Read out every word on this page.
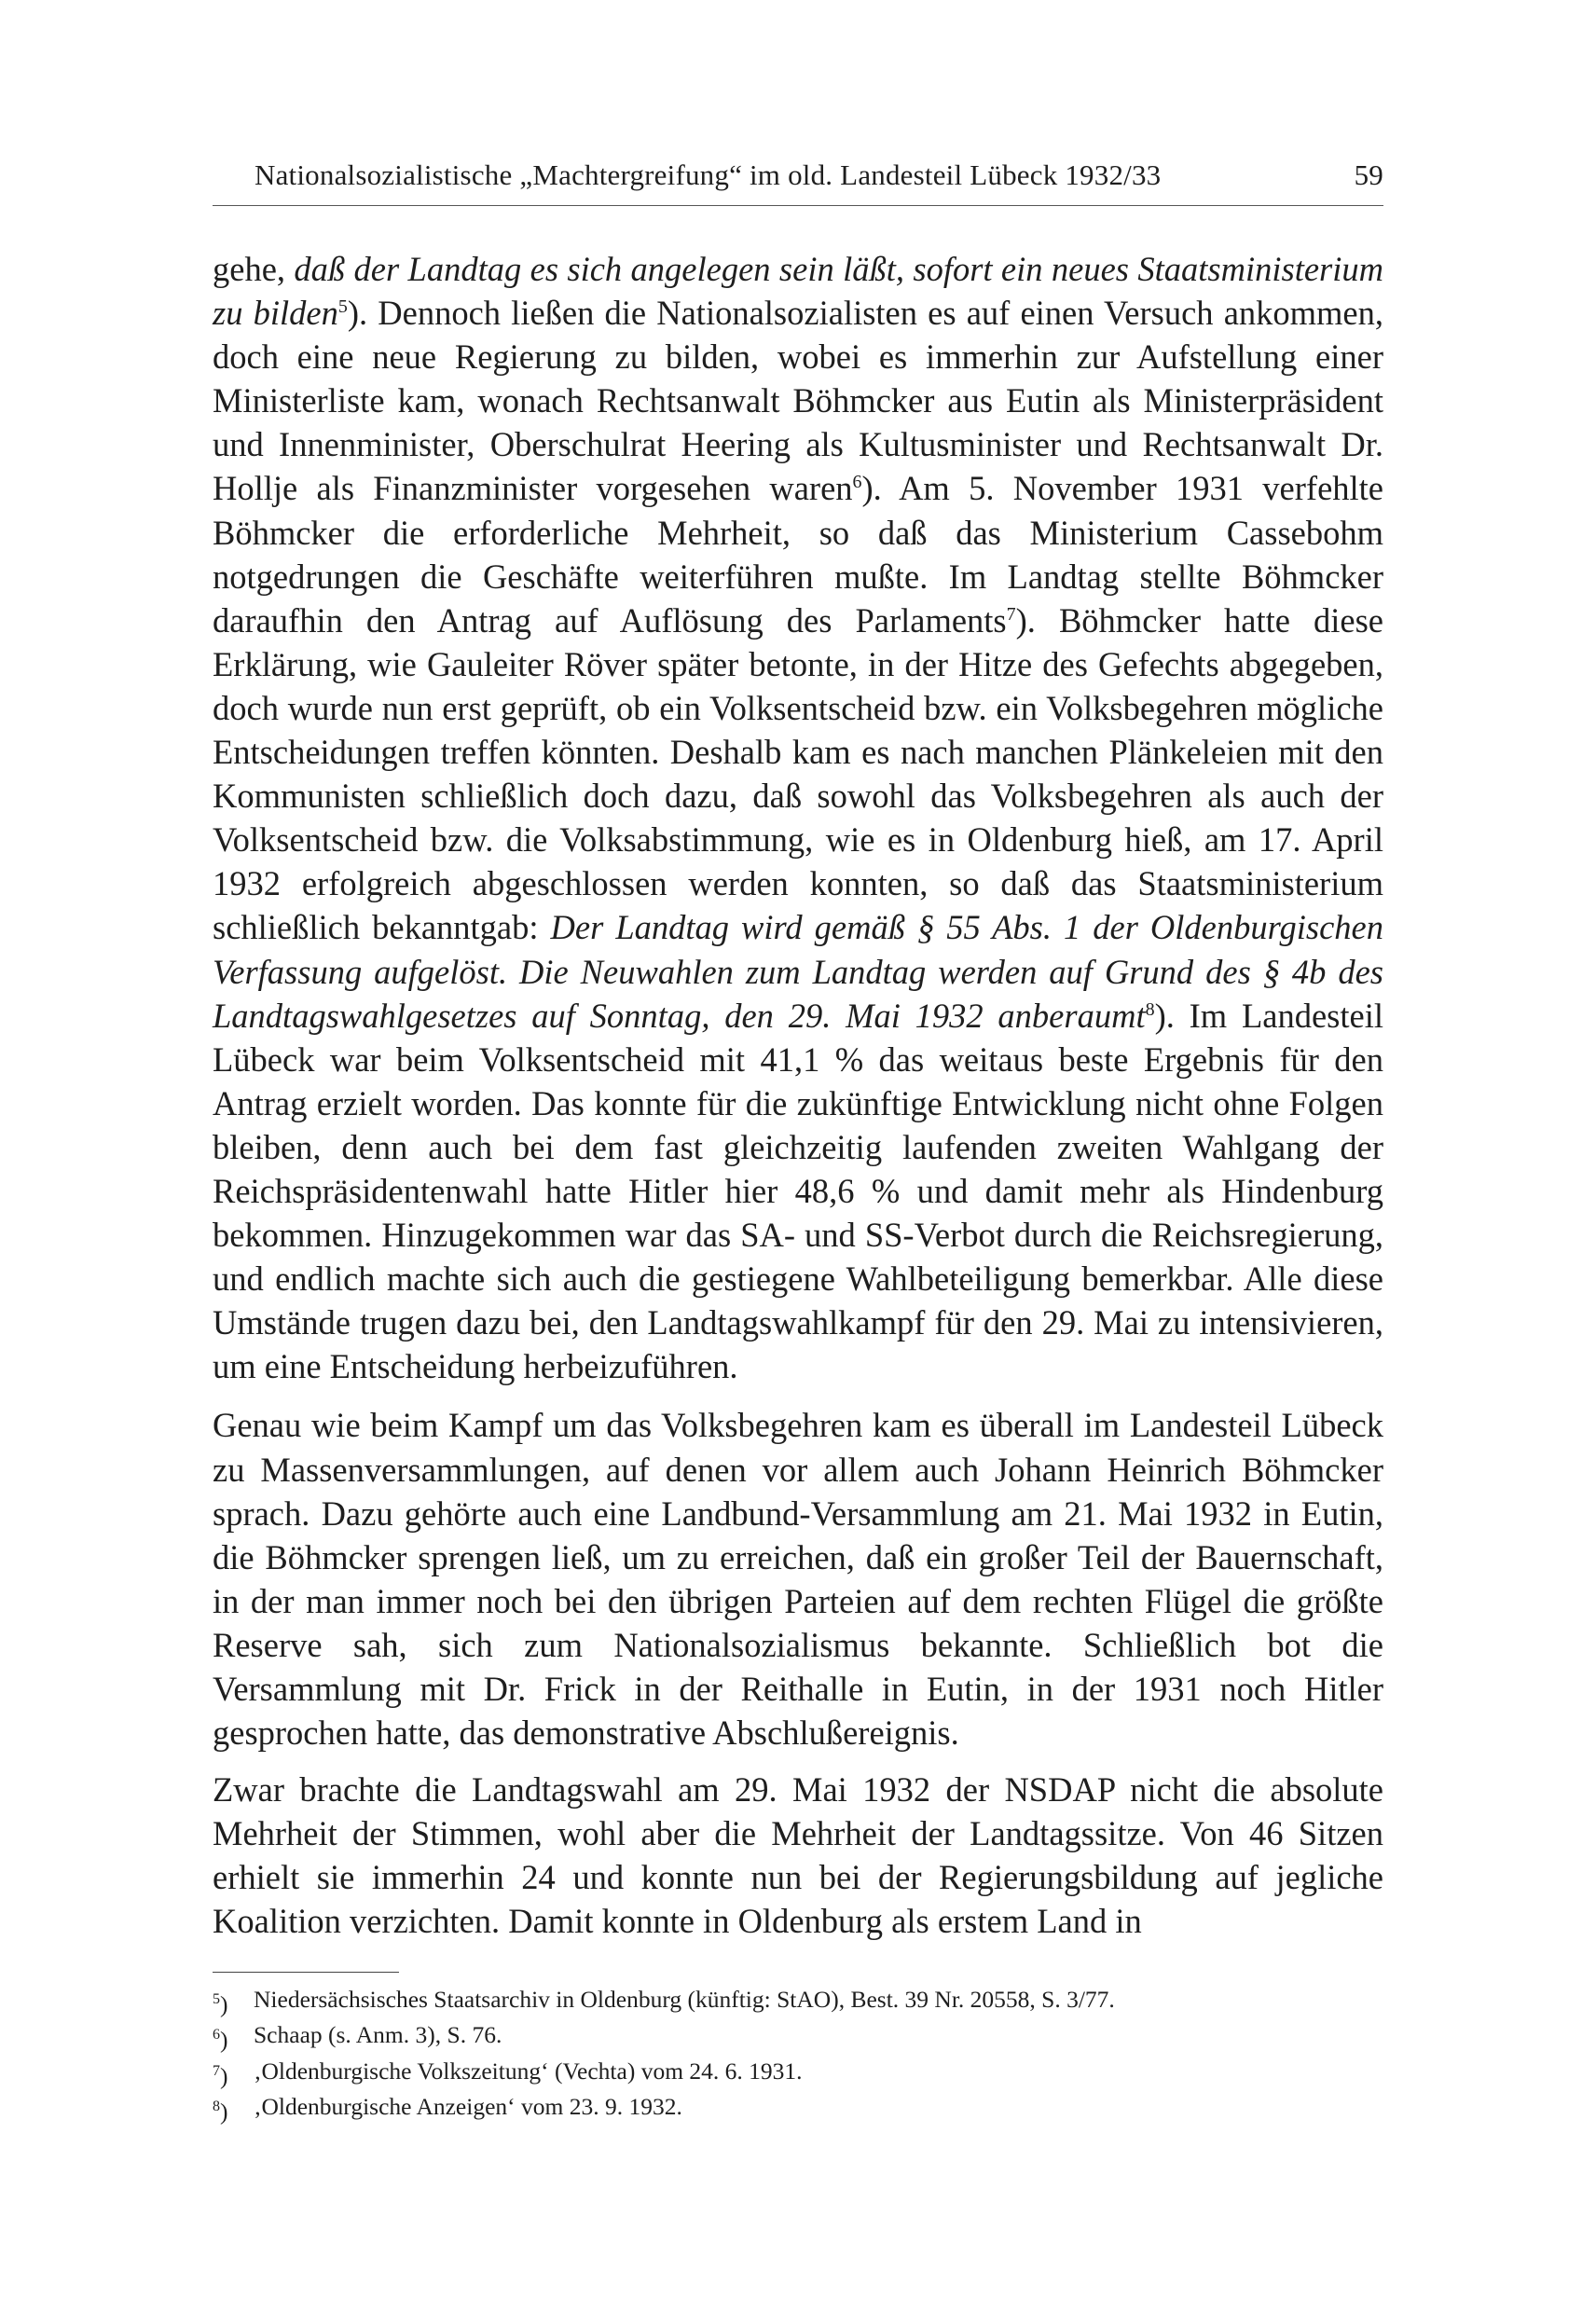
Nationalsozialistische „Machtergreifung“ im old. Landesteil Lübeck 1932/33	59

gehe, daß der Landtag es sich angelegen sein läßt, sofort ein neues Staatsministerium zu bilden$^5$). Dennoch ließen die Nationalsozialisten es auf einen Versuch ankommen, doch eine neue Regierung zu bilden, wobei es immerhin zur Aufstellung einer Ministerliste kam, wonach Rechtsanwalt Böhmcker aus Eutin als Ministerpräsident und Innenminister, Oberschulrat Heering als Kultusminister und Rechtsanwalt Dr. Hollje als Finanzminister vorgesehen waren$^6$). Am 5. November 1931 verfehlte Böhmcker die erforderliche Mehrheit, so daß das Ministerium Cassebohm notgedrungen die Geschäfte weiterführen mußte. Im Landtag stellte Böhmcker daraufhin den Antrag auf Auflösung des Parlaments$^7$). Böhmcker hatte diese Erklärung, wie Gauleiter Röver später betonte, in der Hitze des Gefechts abgegeben, doch wurde nun erst geprüft, ob ein Volksentscheid bzw. ein Volksbegehren mögliche Entscheidungen treffen könnten. Deshalb kam es nach manchen Plänkeleien mit den Kommunisten schließlich doch dazu, daß sowohl das Volksbegehren als auch der Volksentscheid bzw. die Volksabstimmung, wie es in Oldenburg hieß, am 17. April 1932 erfolgreich abgeschlossen werden konnten, so daß das Staatsministerium schließlich bekanntgab: Der Landtag wird gemäß § 55 Abs. 1 der Oldenburgischen Verfassung aufgelöst. Die Neuwahlen zum Landtag werden auf Grund des § 4b des Landtagswahlgesetzes auf Sonntag, den 29. Mai 1932 anberaumt$^8$). Im Landesteil Lübeck war beim Volksentscheid mit 41,1 % das weitaus beste Ergebnis für den Antrag erzielt worden. Das konnte für die zukünftige Entwicklung nicht ohne Folgen bleiben, denn auch bei dem fast gleichzeitig laufenden zweiten Wahlgang der Reichspräsidentenwahl hatte Hitler hier 48,6 % und damit mehr als Hindenburg bekommen. Hinzugekommen war das SA- und SS-Verbot durch die Reichsregierung, und endlich machte sich auch die gestiegene Wahlbeteiligung bemerkbar. Alle diese Umstände trugen dazu bei, den Landtagswahlkampf für den 29. Mai zu intensivieren, um eine Entscheidung herbeizuführen.

Genau wie beim Kampf um das Volksbegehren kam es überall im Landesteil Lübeck zu Massenversammlungen, auf denen vor allem auch Johann Heinrich Böhmcker sprach. Dazu gehörte auch eine Landbund-Versammlung am 21. Mai 1932 in Eutin, die Böhmcker sprengen ließ, um zu erreichen, daß ein großer Teil der Bauernschaft, in der man immer noch bei den übrigen Parteien auf dem rechten Flügel die größte Reserve sah, sich zum Nationalsozialismus bekannte. Schließlich bot die Versammlung mit Dr. Frick in der Reithalle in Eutin, in der 1931 noch Hitler gesprochen hatte, das demonstrative Abschlußereignis.

Zwar brachte die Landtagswahl am 29. Mai 1932 der NSDAP nicht die absolute Mehrheit der Stimmen, wohl aber die Mehrheit der Landtagssitze. Von 46 Sitzen erhielt sie immerhin 24 und konnte nun bei der Regierungsbildung auf jegliche Koalition verzichten. Damit konnte in Oldenburg als erstem Land in

$^5$)	Niedersächsisches Staatsarchiv in Oldenburg (künftig: StAO), Best. 39 Nr. 20558, S. 3/77.
$^6$)	Schaap (s. Anm. 3), S. 76.
$^7$)	‚Oldenburgische Volkszeitung‘ (Vechta) vom 24. 6. 1931.
$^8$)	‚Oldenburgische Anzeigen‘ vom 23. 9. 1932.
